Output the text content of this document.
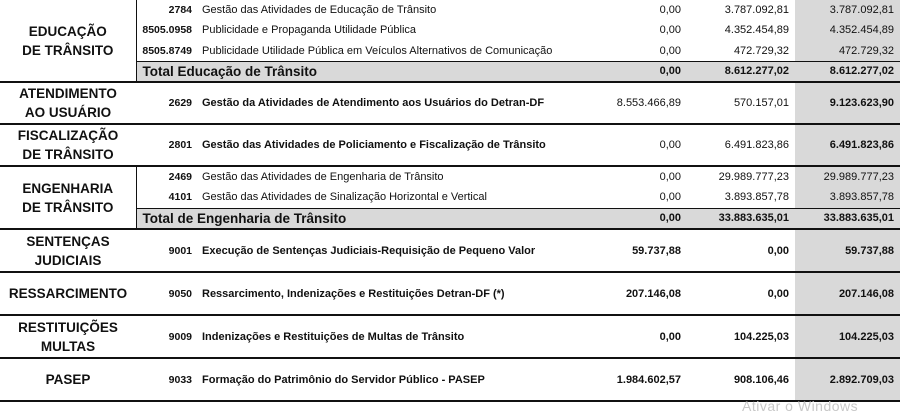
EDUCAÇÃO
DE TRÂNSITO	2784	Gestão das Atividades de Educação de Trânsito	0,00	3.787.092,81	3.787.092,81
	8505.0958	Publicidade e Propaganda Utilidade Pública	0,00	4.352.454,89	4.352.454,89
	8505.8749	Publicidade Utilidade Pública em Veículos Alternativos de Comunicação	0,00	472.729,32	472.729,32
	Total Educação de Trânsito		0,00	8.612.277,02	8.612.277,02
ATENDIMENTO
AO USUÁRIO	2629	Gestão da Atividades de Atendimento aos Usuários do Detran-DF	8.553.466,89	570.157,01	9.123.623,90
FISCALIZAÇÃO
DE TRÂNSITO	2801	Gestão das Atividades de Policiamento e Fiscalização de Trânsito	0,00	6.491.823,86	6.491.823,86
ENGENHARIA
DE TRÂNSITO	2469	Gestão das Atividades de Engenharia de Trânsito	0,00	29.989.777,23	29.989.777,23
	4101	Gestão das Atividades de Sinalização Horizontal e Vertical	0,00	3.893.857,78	3.893.857,78
	Total de Engenharia de Trânsito		0,00	33.883.635,01	33.883.635,01
SENTENÇAS
JUDICIAIS	9001	Execução de Sentenças Judiciais-Requisição de Pequeno Valor	59.737,88	0,00	59.737,88
RESSARCIMENTO	9050	Ressarcimento, Indenizações e Restituições Detran-DF (*)	207.146,08	0,00	207.146,08
RESTITUIÇÕES
MULTAS	9009	Indenizações e Restituições de Multas de Trânsito	0,00	104.225,03	104.225,03
PASEP	9033	Formação do Patrimônio do Servidor Público - PASEP	1.984.602,57	908.106,46	2.892.709,03
Ativar o Windows
